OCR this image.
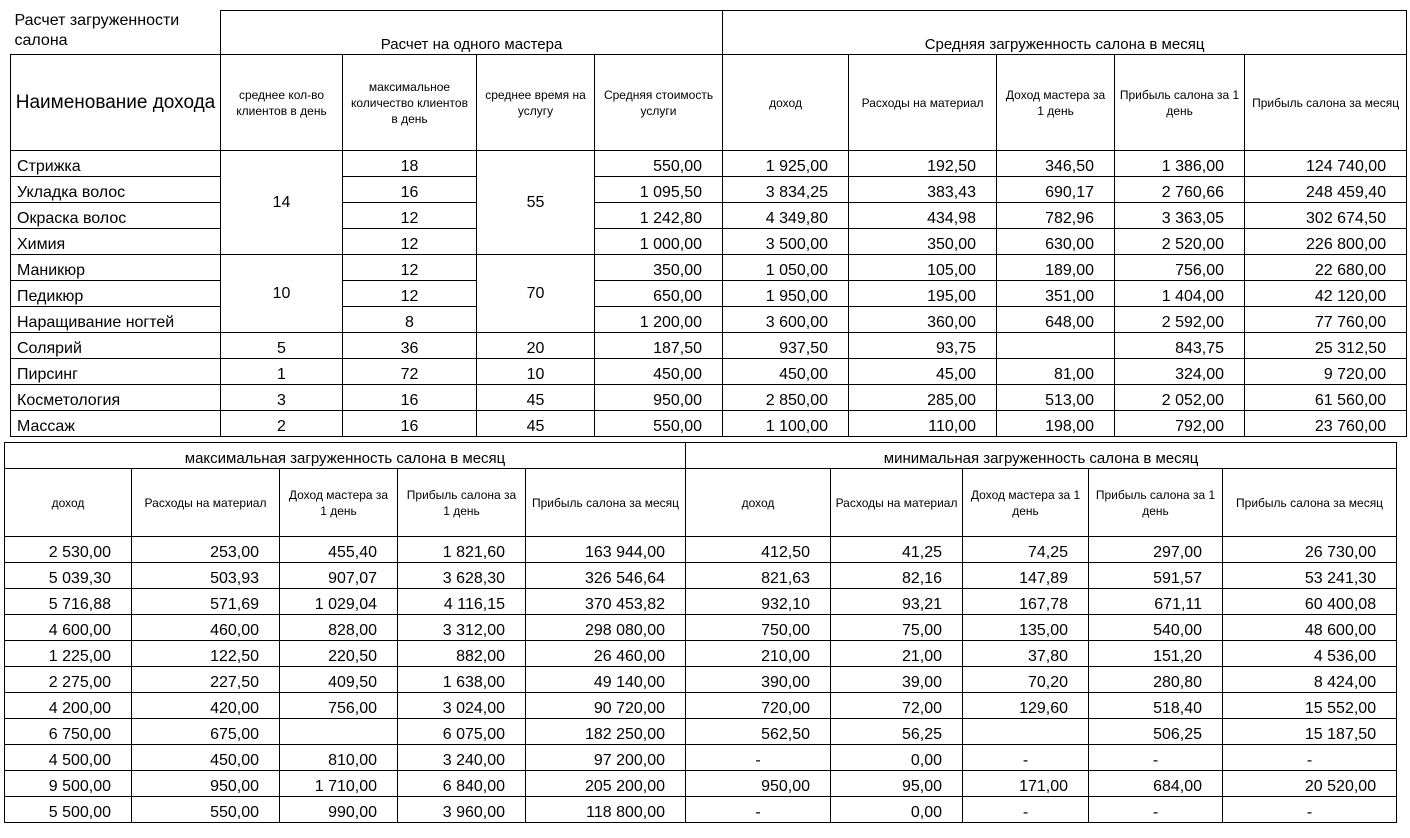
Расчет загруженности салона	Расчет на одного мастера				Средняя загруженность салона в месяц				
Наименование дохода	среднее кол-во клиентов в день	максимальное количество клиентов в день	среднее время на услугу	Средняя стоимость услуги	доход	Расходы на материал	Доход мастера за 1 день	Прибыль салона за 1 день	Прибыль салона за месяц
Стрижка	14	18	55	550,00	1 925,00	192,50	346,50	1 386,00	124 740,00
Укладка волос		16		1 095,50	3 834,25	383,43	690,17	2 760,66	248 459,40
Окраска волос		12		1 242,80	4 349,80	434,98	782,96	3 363,05	302 674,50
Химия		12		1 000,00	3 500,00	350,00	630,00	2 520,00	226 800,00
Маникюр	10	12	70	350,00	1 050,00	105,00	189,00	756,00	22 680,00
Педикюр		12		650,00	1 950,00	195,00	351,00	1 404,00	42 120,00
Наращивание ногтей		8		1 200,00	3 600,00	360,00	648,00	2 592,00	77 760,00
Солярий	5	36	20	187,50	937,50	93,75		843,75	25 312,50
Пирсинг	1	72	10	450,00	450,00	45,00	81,00	324,00	9 720,00
Косметология	3	16	45	950,00	2 850,00	285,00	513,00	2 052,00	61 560,00
Массаж	2	16	45	550,00	1 100,00	110,00	198,00	792,00	23 760,00
максимальная загруженность салона в месяц					минимальная загруженность салона в месяц				
доход	Расходы на материал	Доход мастера за 1 день	Прибыль салона за 1 день	Прибыль салона за месяц	доход	Расходы на материал	Доход мастера за 1 день	Прибыль салона за 1 день	Прибыль салона за месяц
2 530,00	253,00	455,40	1 821,60	163 944,00	412,50	41,25	74,25	297,00	26 730,00
5 039,30	503,93	907,07	3 628,30	326 546,64	821,63	82,16	147,89	591,57	53 241,30
5 716,88	571,69	1 029,04	4 116,15	370 453,82	932,10	93,21	167,78	671,11	60 400,08
4 600,00	460,00	828,00	3 312,00	298 080,00	750,00	75,00	135,00	540,00	48 600,00
1 225,00	122,50	220,50	882,00	26 460,00	210,00	21,00	37,80	151,20	4 536,00
2 275,00	227,50	409,50	1 638,00	49 140,00	390,00	39,00	70,20	280,80	8 424,00
4 200,00	420,00	756,00	3 024,00	90 720,00	720,00	72,00	129,60	518,40	15 552,00
6 750,00	675,00		6 075,00	182 250,00	562,50	56,25		506,25	15 187,50
4 500,00	450,00	810,00	3 240,00	97 200,00	-	0,00	-	-	-
9 500,00	950,00	1 710,00	6 840,00	205 200,00	950,00	95,00	171,00	684,00	20 520,00
5 500,00	550,00	990,00	3 960,00	118 800,00	-	0,00	-	-	-
